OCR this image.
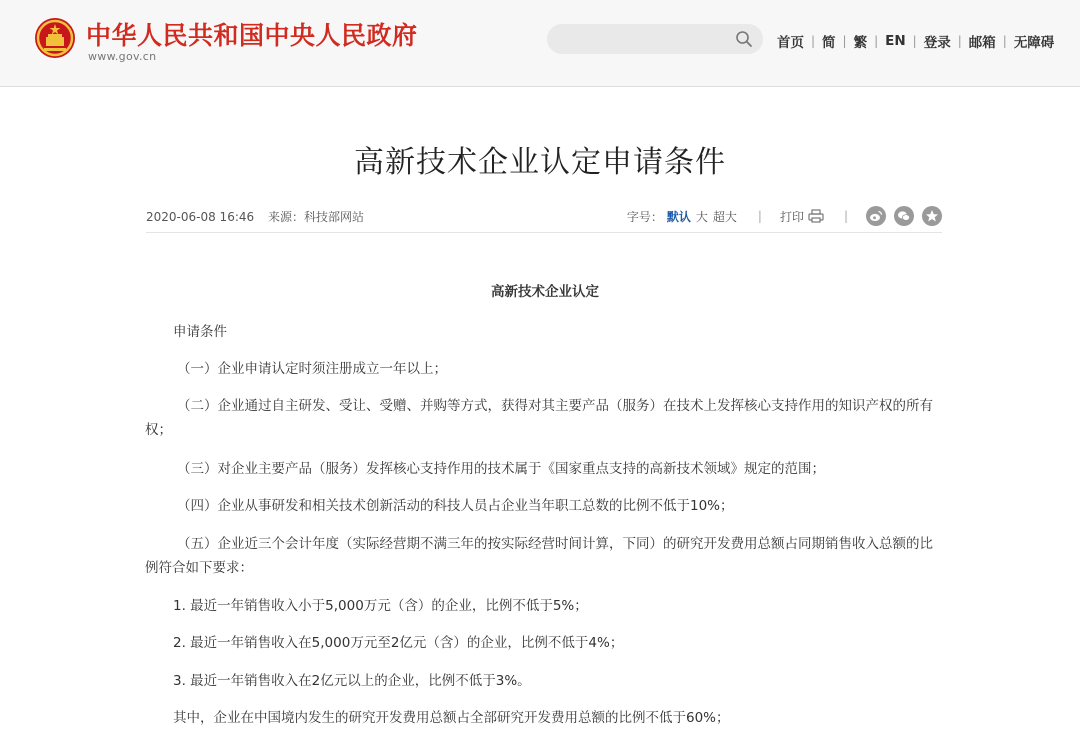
中华人民共和国中央人民政府
www.gov.cn
首页 | 简 | 繁 | EN | 登录 | 邮箱 | 无障碍
高新技术企业认定申请条件
2020-06-08 16:46 来源：科技部网站	字号： 默认 大 超大 | 打印	|

高新技术企业认定

申请条件

（一）企业申请认定时须注册成立一年以上；

（二）企业通过自主研发、受让、受赠、并购等方式，获得对其主要产品（服务）在技术上发挥核心支持作用的知识产权的所有权；

（三）对企业主要产品（服务）发挥核心支持作用的技术属于《国家重点支持的高新技术领域》规定的范围；

（四）企业从事研发和相关技术创新活动的科技人员占企业当年职工总数的比例不低于10%；

（五）企业近三个会计年度（实际经营期不满三年的按实际经营时间计算，下同）的研究开发费用总额占同期销售收入总额的比例符合如下要求：

1. 最近一年销售收入小于5,000万元（含）的企业，比例不低于5%；

2. 最近一年销售收入在5,000万元至2亿元（含）的企业，比例不低于4%；

3. 最近一年销售收入在2亿元以上的企业，比例不低于3%。

其中，企业在中国境内发生的研究开发费用总额占全部研究开发费用总额的比例不低于60%；
